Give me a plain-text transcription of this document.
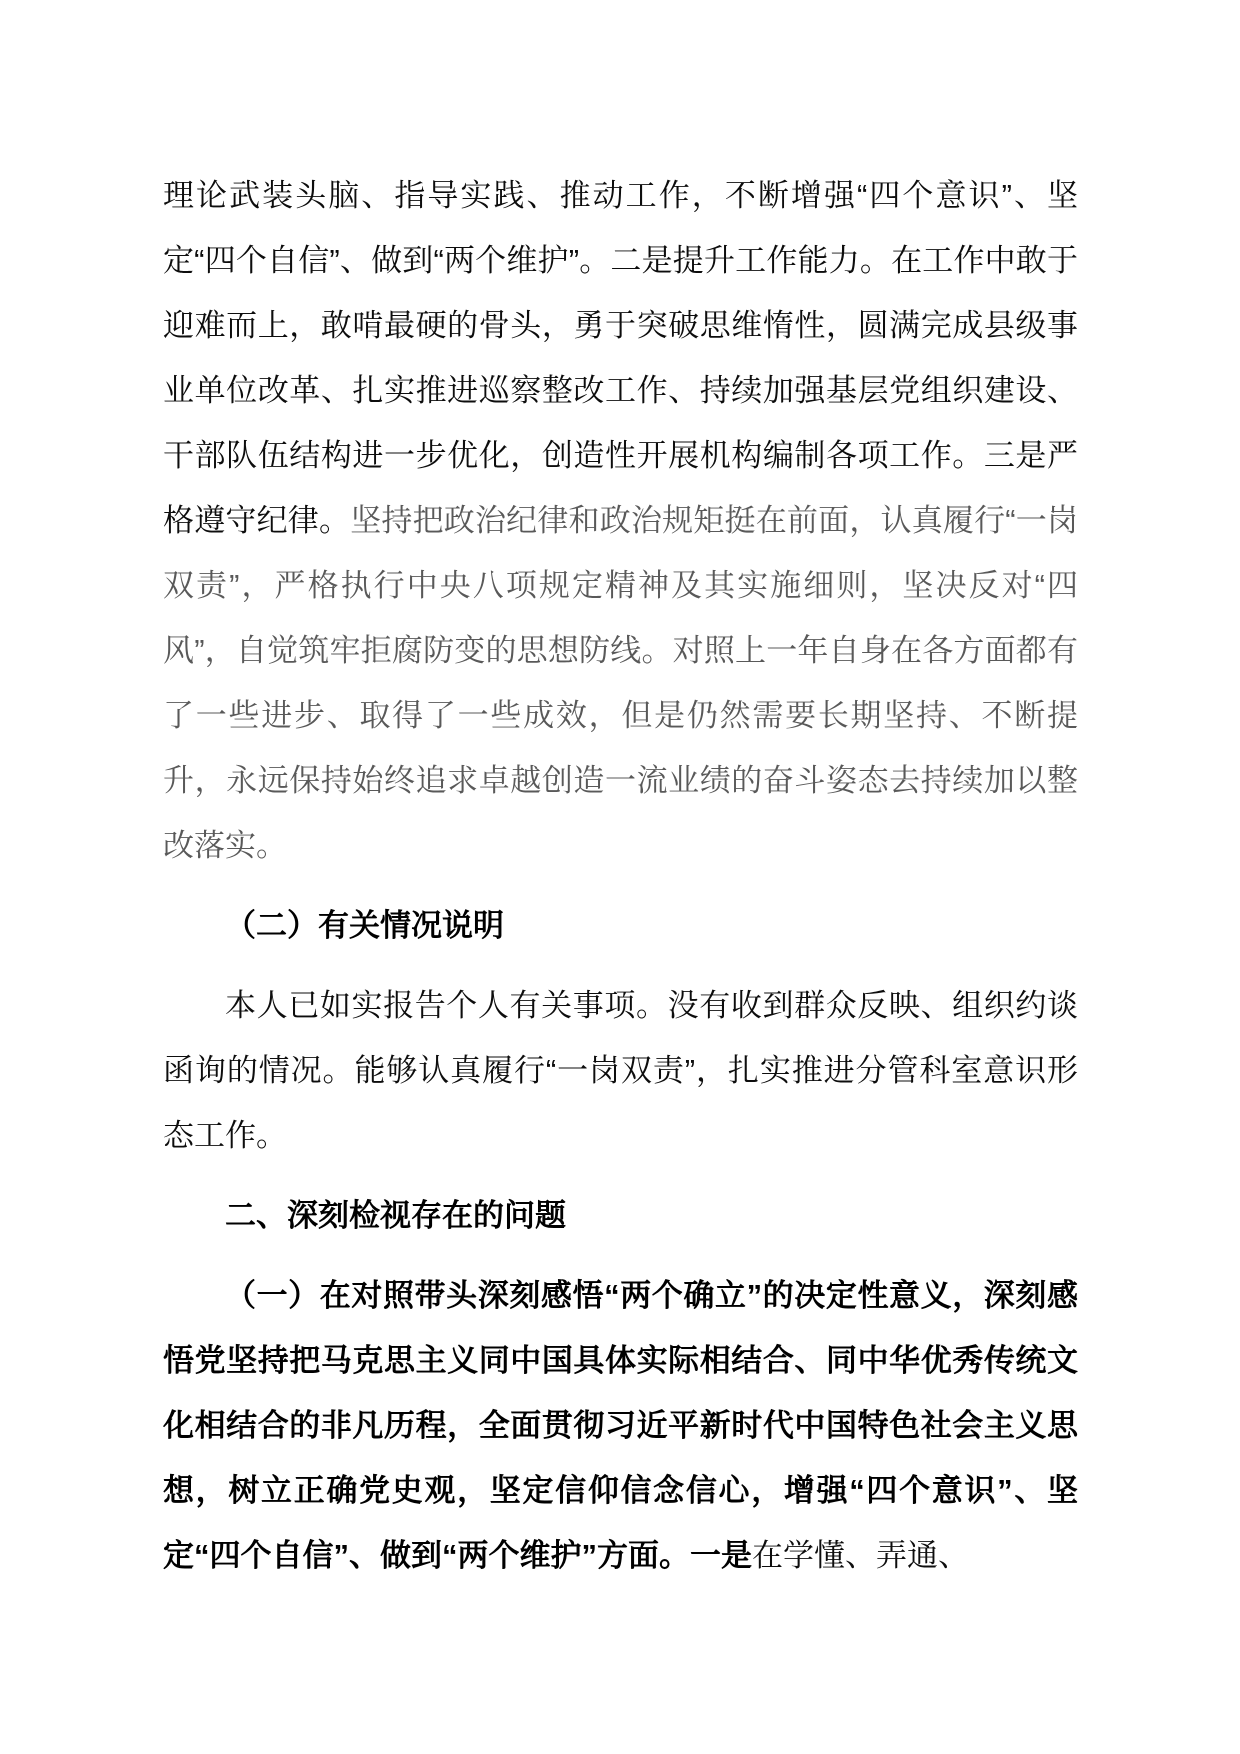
理论武装头脑、指导实践、推动工作，不断增强“四个意识”、坚定“四个自信”、做到“两个维护”。二是提升工作能力。在工作中敢于迎难而上，敢啃最硬的骨头，勇于突破思维惰性，圆满完成县级事业单位改革、扎实推进巡察整改工作、持续加强基层党组织建设、干部队伍结构进一步优化，创造性开展机构编制各项工作。三是严格遵守纪律。坚持把政治纪律和政治规矩挺在前面，认真履行“一岗双责”，严格执行中央八项规定精神及其实施细则，坚决反对“四风”，自觉筑牢拒腐防变的思想防线。对照上一年自身在各方面都有了一些进步、取得了一些成效，但是仍然需要长期坚持、不断提升，永远保持始终追求卓越创造一流业绩的奋斗姿态去持续加以整改落实。

（二）有关情况说明

本人已如实报告个人有关事项。没有收到群众反映、组织约谈函询的情况。能够认真履行“一岗双责”，扎实推进分管科室意识形态工作。

二、深刻检视存在的问题

（一）在对照带头深刻感悟“两个确立”的决定性意义，深刻感悟党坚持把马克思主义同中国具体实际相结合、同中华优秀传统文化相结合的非凡历程，全面贯彻习近平新时代中国特色社会主义思想，树立正确党史观，坚定信仰信念信心，增强“四个意识”、坚定“四个自信”、做到“两个维护”方面。一是在学懂、弄通、
